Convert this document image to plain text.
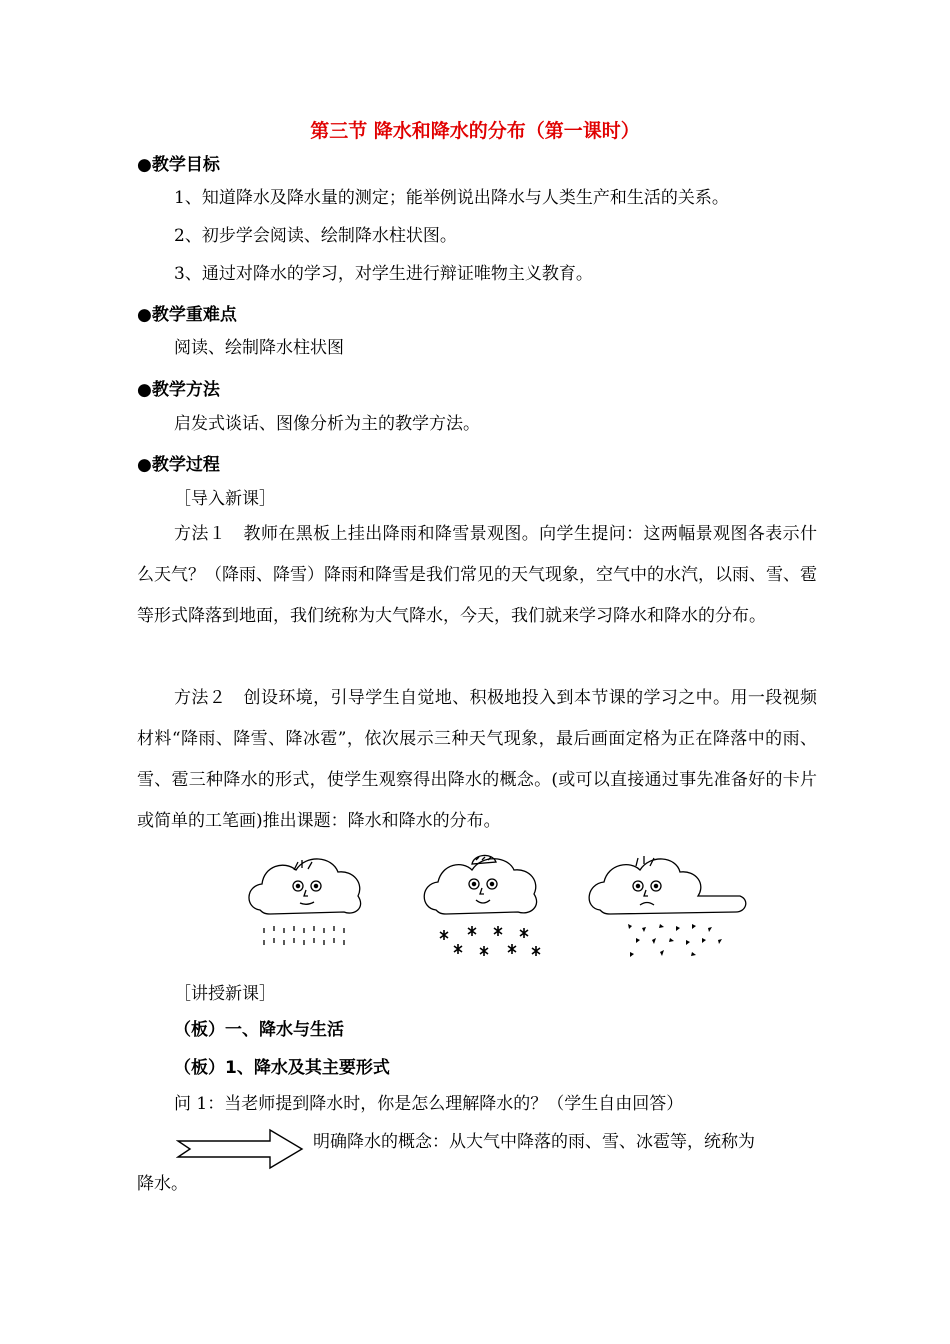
第三节 降水和降水的分布（第一课时）
●教学目标
1、知道降水及降水量的测定；能举例说出降水与人类生产和生活的关系。
2、初步学会阅读、绘制降水柱状图。
3、通过对降水的学习，对学生进行辩证唯物主义教育。
●教学重难点
阅读、绘制降水柱状图
●教学方法
启发式谈话、图像分析为主的教学方法。
●教学过程
［导入新课］
方法１　教师在黑板上挂出降雨和降雪景观图。向学生提问：这两幅景观图各表示什么天气？（降雨、降雪）降雨和降雪是我们常见的天气现象，空气中的水汽，以雨、雪、雹等形式降落到地面，我们统称为大气降水，今天，我们就来学习降水和降水的分布。
方法２　创设环境，引导学生自觉地、积极地投入到本节课的学习之中。用一段视频材料“降雨、降雪、降冰雹”，依次展示三种天气现象，最后画面定格为正在降落中的雨、雪、雹三种降水的形式，使学生观察得出降水的概念。(或可以直接通过事先准备好的卡片或简单的工笔画)推出课题：降水和降水的分布。
［讲授新课］
（板）一、降水与生活
（板）1、降水及其主要形式
问 1：当老师提到降水时，你是怎么理解降水的？（学生自由回答）
明确降水的概念：从大气中降落的雨、雪、冰雹等，统称为
降水。
